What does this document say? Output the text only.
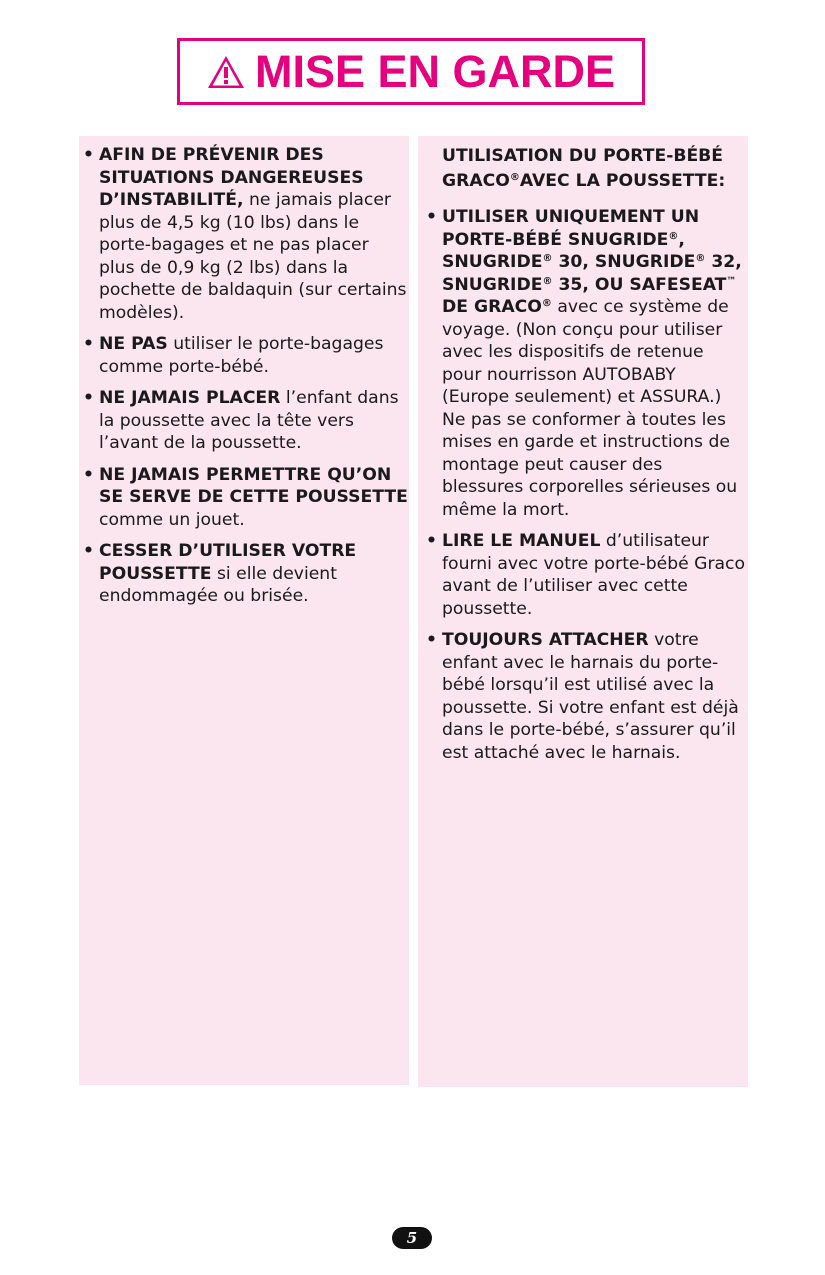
MISE EN GARDE
• AFIN DE PRÉVENIR DES SITUATIONS DANGEREUSES D’INSTABILITÉ, ne jamais placer plus de 4,5 kg (10 lbs) dans le porte-bagages et ne pas placer plus de 0,9 kg (2 lbs) dans la pochette de baldaquin (sur certains modèles).
• NE PAS utiliser le porte-bagages comme porte-bébé.
• NE JAMAIS PLACER l’enfant dans la poussette avec la tête vers l’avant de la poussette.
• NE JAMAIS PERMETTRE QU’ON SE SERVE DE CETTE POUSSETTE comme un jouet.
• CESSER D’UTILISER VOTRE POUSSETTE si elle devient endommagée ou brisée.
UTILISATION DU PORTE-BÉBÉ GRACO®AVEC LA POUSSETTE:
• UTILISER UNIQUEMENT UN PORTE-BÉBÉ SNUGRIDE®, SNUGRIDE® 30, SNUGRIDE® 32, SNUGRIDE® 35, OU SAFESEAT™ DE GRACO® avec ce système de voyage. (Non conçu pour utiliser avec les dispositifs de retenue pour nourrisson AUTOBABY (Europe seulement) et ASSURA.) Ne pas se conformer à toutes les mises en garde et instructions de montage peut causer des blessures corporelles sérieuses ou même la mort.
• LIRE LE MANUEL d’utilisateur fourni avec votre porte-bébé Graco avant de l’utiliser avec cette poussette.
• TOUJOURS ATTACHER votre enfant avec le harnais du porte-bébé lorsqu’il est utilisé avec la poussette. Si votre enfant est déjà dans le porte-bébé, s’assurer qu’il est attaché avec le harnais.
5
